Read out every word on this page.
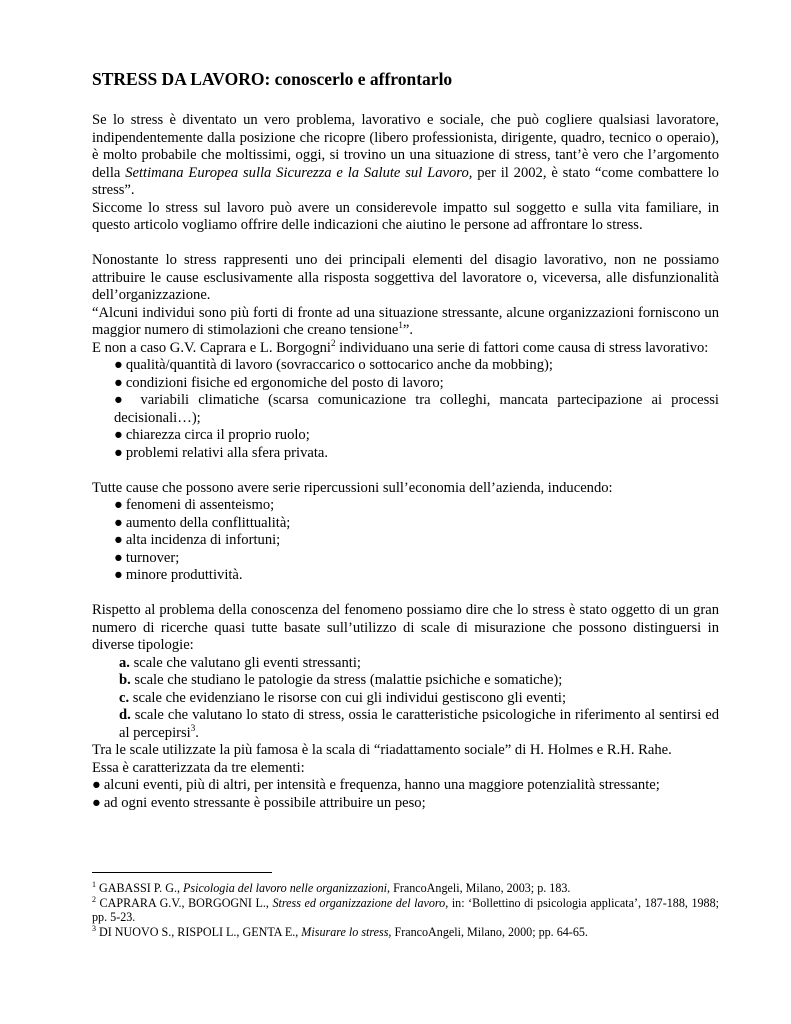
STRESS DA LAVORO: conoscerlo e affrontarlo

Se lo stress è diventato un vero problema, lavorativo e sociale, che può cogliere qualsiasi lavoratore, indipendentemente dalla posizione che ricopre (libero professionista, dirigente, quadro, tecnico o operaio), è molto probabile che moltissimi, oggi, si trovino un una situazione di stress, tant’è vero che l’argomento della Settimana Europea sulla Sicurezza e la Salute sul Lavoro, per il 2002, è stato “come combattere lo stress”.

Siccome lo stress sul lavoro può avere un considerevole impatto sul soggetto e sulla vita familiare, in questo articolo vogliamo offrire delle indicazioni che aiutino le persone ad affrontare lo stress.

Nonostante lo stress rappresenti uno dei principali elementi del disagio lavorativo, non ne possiamo attribuire le cause esclusivamente alla risposta soggettiva del lavoratore o, viceversa, alle disfunzionalità dell’organizzazione.

“Alcuni individui sono più forti di fronte ad una situazione stressante, alcune organizzazioni forniscono un maggior numero di stimolazioni che creano tensione$^1$”.

E non a caso G.V. Caprara e L. Borgogni$^2$ individuano una serie di fattori come causa di stress lavorativo:

● qualità/quantità di lavoro (sovraccarico o sottocarico anche da mobbing);
● condizioni fisiche ed ergonomiche del posto di lavoro;
● variabili climatiche (scarsa comunicazione tra colleghi, mancata partecipazione ai processi decisionali…);
● chiarezza circa il proprio ruolo;
● problemi relativi alla sfera privata.

Tutte cause che possono avere serie ripercussioni sull’economia dell’azienda, inducendo:

● fenomeni di assenteismo;
● aumento della conflittualità;
● alta incidenza di infortuni;
● turnover;
● minore produttività.

Rispetto al problema della conoscenza del fenomeno possiamo dire che lo stress è stato oggetto di un gran numero di ricerche quasi tutte basate sull’utilizzo di scale di misurazione che possono distinguersi in diverse tipologie:

a. scale che valutano gli eventi stressanti;
b. scale che studiano le patologie da stress (malattie psichiche e somatiche);
c. scale che evidenziano le risorse con cui gli individui gestiscono gli eventi;
d. scale che valutano lo stato di stress, ossia le caratteristiche psicologiche in riferimento al sentirsi ed al percepirsi$^3$.

Tra le scale utilizzate la più famosa è la scala di “riadattamento sociale” di H. Holmes e R.H. Rahe.

Essa è caratterizzata da tre elementi:

● alcuni eventi, più di altri, per intensità e frequenza, hanno una maggiore potenzialità stressante;
● ad ogni evento stressante è possibile attribuire un peso;

$^1$ GABASSI P. G., Psicologia del lavoro nelle organizzazioni, FrancoAngeli, Milano, 2003; p. 183.

$^2$ CAPRARA G.V., BORGOGNI L., Stress ed organizzazione del lavoro, in: ‘Bollettino di psicologia applicata’, 187-188, 1988; pp. 5-23.

$^3$ DI NUOVO S., RISPOLI L., GENTA E., Misurare lo stress, FrancoAngeli, Milano, 2000; pp. 64-65.
